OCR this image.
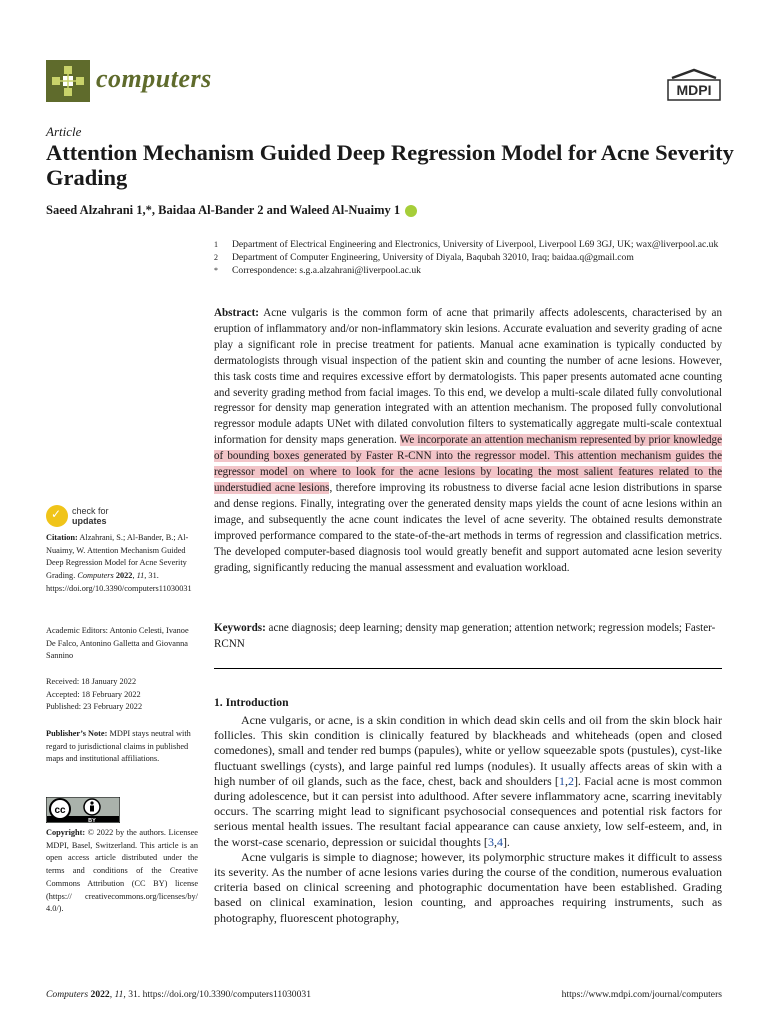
computers	MDPI
Article
Attention Mechanism Guided Deep Regression Model for Acne Severity Grading
Saeed Alzahrani 1,*, Baidaa Al-Bander 2 and Waleed Al-Nuaimy 1
1	Department of Electrical Engineering and Electronics, University of Liverpool, Liverpool L69 3GJ, UK; wax@liverpool.ac.uk
2	Department of Computer Engineering, University of Diyala, Baqubah 32010, Iraq; baidaa.q@gmail.com
*	Correspondence: s.g.a.alzahrani@liverpool.ac.uk
Abstract: Acne vulgaris is the common form of acne that primarily affects adolescents, characterised by an eruption of inflammatory and/or non-inflammatory skin lesions. Accurate evaluation and severity grading of acne play a significant role in precise treatment for patients. Manual acne examination is typically conducted by dermatologists through visual inspection of the patient skin and counting the number of acne lesions. However, this task costs time and requires excessive effort by dermatologists. This paper presents automated acne counting and severity grading method from facial images. To this end, we develop a multi-scale dilated fully convolutional regressor for density map generation integrated with an attention mechanism. The proposed fully convolutional regressor module adapts UNet with dilated convolution filters to systematically aggregate multi-scale contextual information for density maps generation. We incorporate an attention mechanism represented by prior knowledge of bounding boxes generated by Faster R-CNN into the regressor model. This attention mechanism guides the regressor model on where to look for the acne lesions by locating the most salient features related to the understudied acne lesions, therefore improving its robustness to diverse facial acne lesion distributions in sparse and dense regions. Finally, integrating over the generated density maps yields the count of acne lesions within an image, and subsequently the acne count indicates the level of acne severity. The obtained results demonstrate improved performance compared to the state-of-the-art methods in terms of regression and classification metrics. The developed computer-based diagnosis tool would greatly benefit and support automated acne lesion severity grading, significantly reducing the manual assessment and evaluation workload.
Keywords: acne diagnosis; deep learning; density map generation; attention network; regression models; Faster-RCNN
1. Introduction

Acne vulgaris, or acne, is a skin condition in which dead skin cells and oil from the skin block hair follicles. This skin condition is clinically featured by blackheads and whiteheads (open and closed comedones), small and tender red bumps (papules), white or yellow squeezable spots (pustules), cyst-like fluctuant swellings (cysts), and large painful red lumps (nodules). It usually affects areas of skin with a high number of oil glands, such as the face, chest, back and shoulders [1,2]. Facial acne is most common during adolescence, but it can persist into adulthood. After severe inflammatory acne, scarring inevitably occurs. The scarring might lead to significant psychosocial consequences and potential risk factors for serious mental health issues. The resultant facial appearance can cause anxiety, low self-esteem, and, in the worst-case scenario, depression or suicidal thoughts [3,4].

Acne vulgaris is simple to diagnose; however, its polymorphic structure makes it difficult to assess its severity. As the number of acne lesions varies during the course of the condition, numerous evaluation criteria based on clinical screening and photographic documentation have been established. Grading based on clinical examination, lesion counting, and approaches requiring instruments, such as photography, fluorescent photography,

✓
check for
updates
Citation: Alzahrani, S.; Al-Bander, B.; Al-Nuaimy, W. Attention Mechanism Guided Deep Regression Model for Acne Severity Grading. Computers 2022, 11, 31. https://doi.org/10.3390/computers11030031
Academic Editors: Antonio Celesti, Ivanoe De Falco, Antonino Galletta and Giovanna Sannino
Received: 18 January 2022
Accepted: 18 February 2022
Published: 23 February 2022
Publisher’s Note: MDPI stays neutral with regard to jurisdictional claims in published maps and institutional affiliations.
cc
BY
Copyright: © 2022 by the authors. Licensee MDPI, Basel, Switzerland. This article is an open access article distributed under the terms and conditions of the Creative Commons Attribution (CC BY) license (https:// creativecommons.org/licenses/by/ 4.0/).
Computers 2022, 11, 31. https://doi.org/10.3390/computers11030031	https://www.mdpi.com/journal/computers
